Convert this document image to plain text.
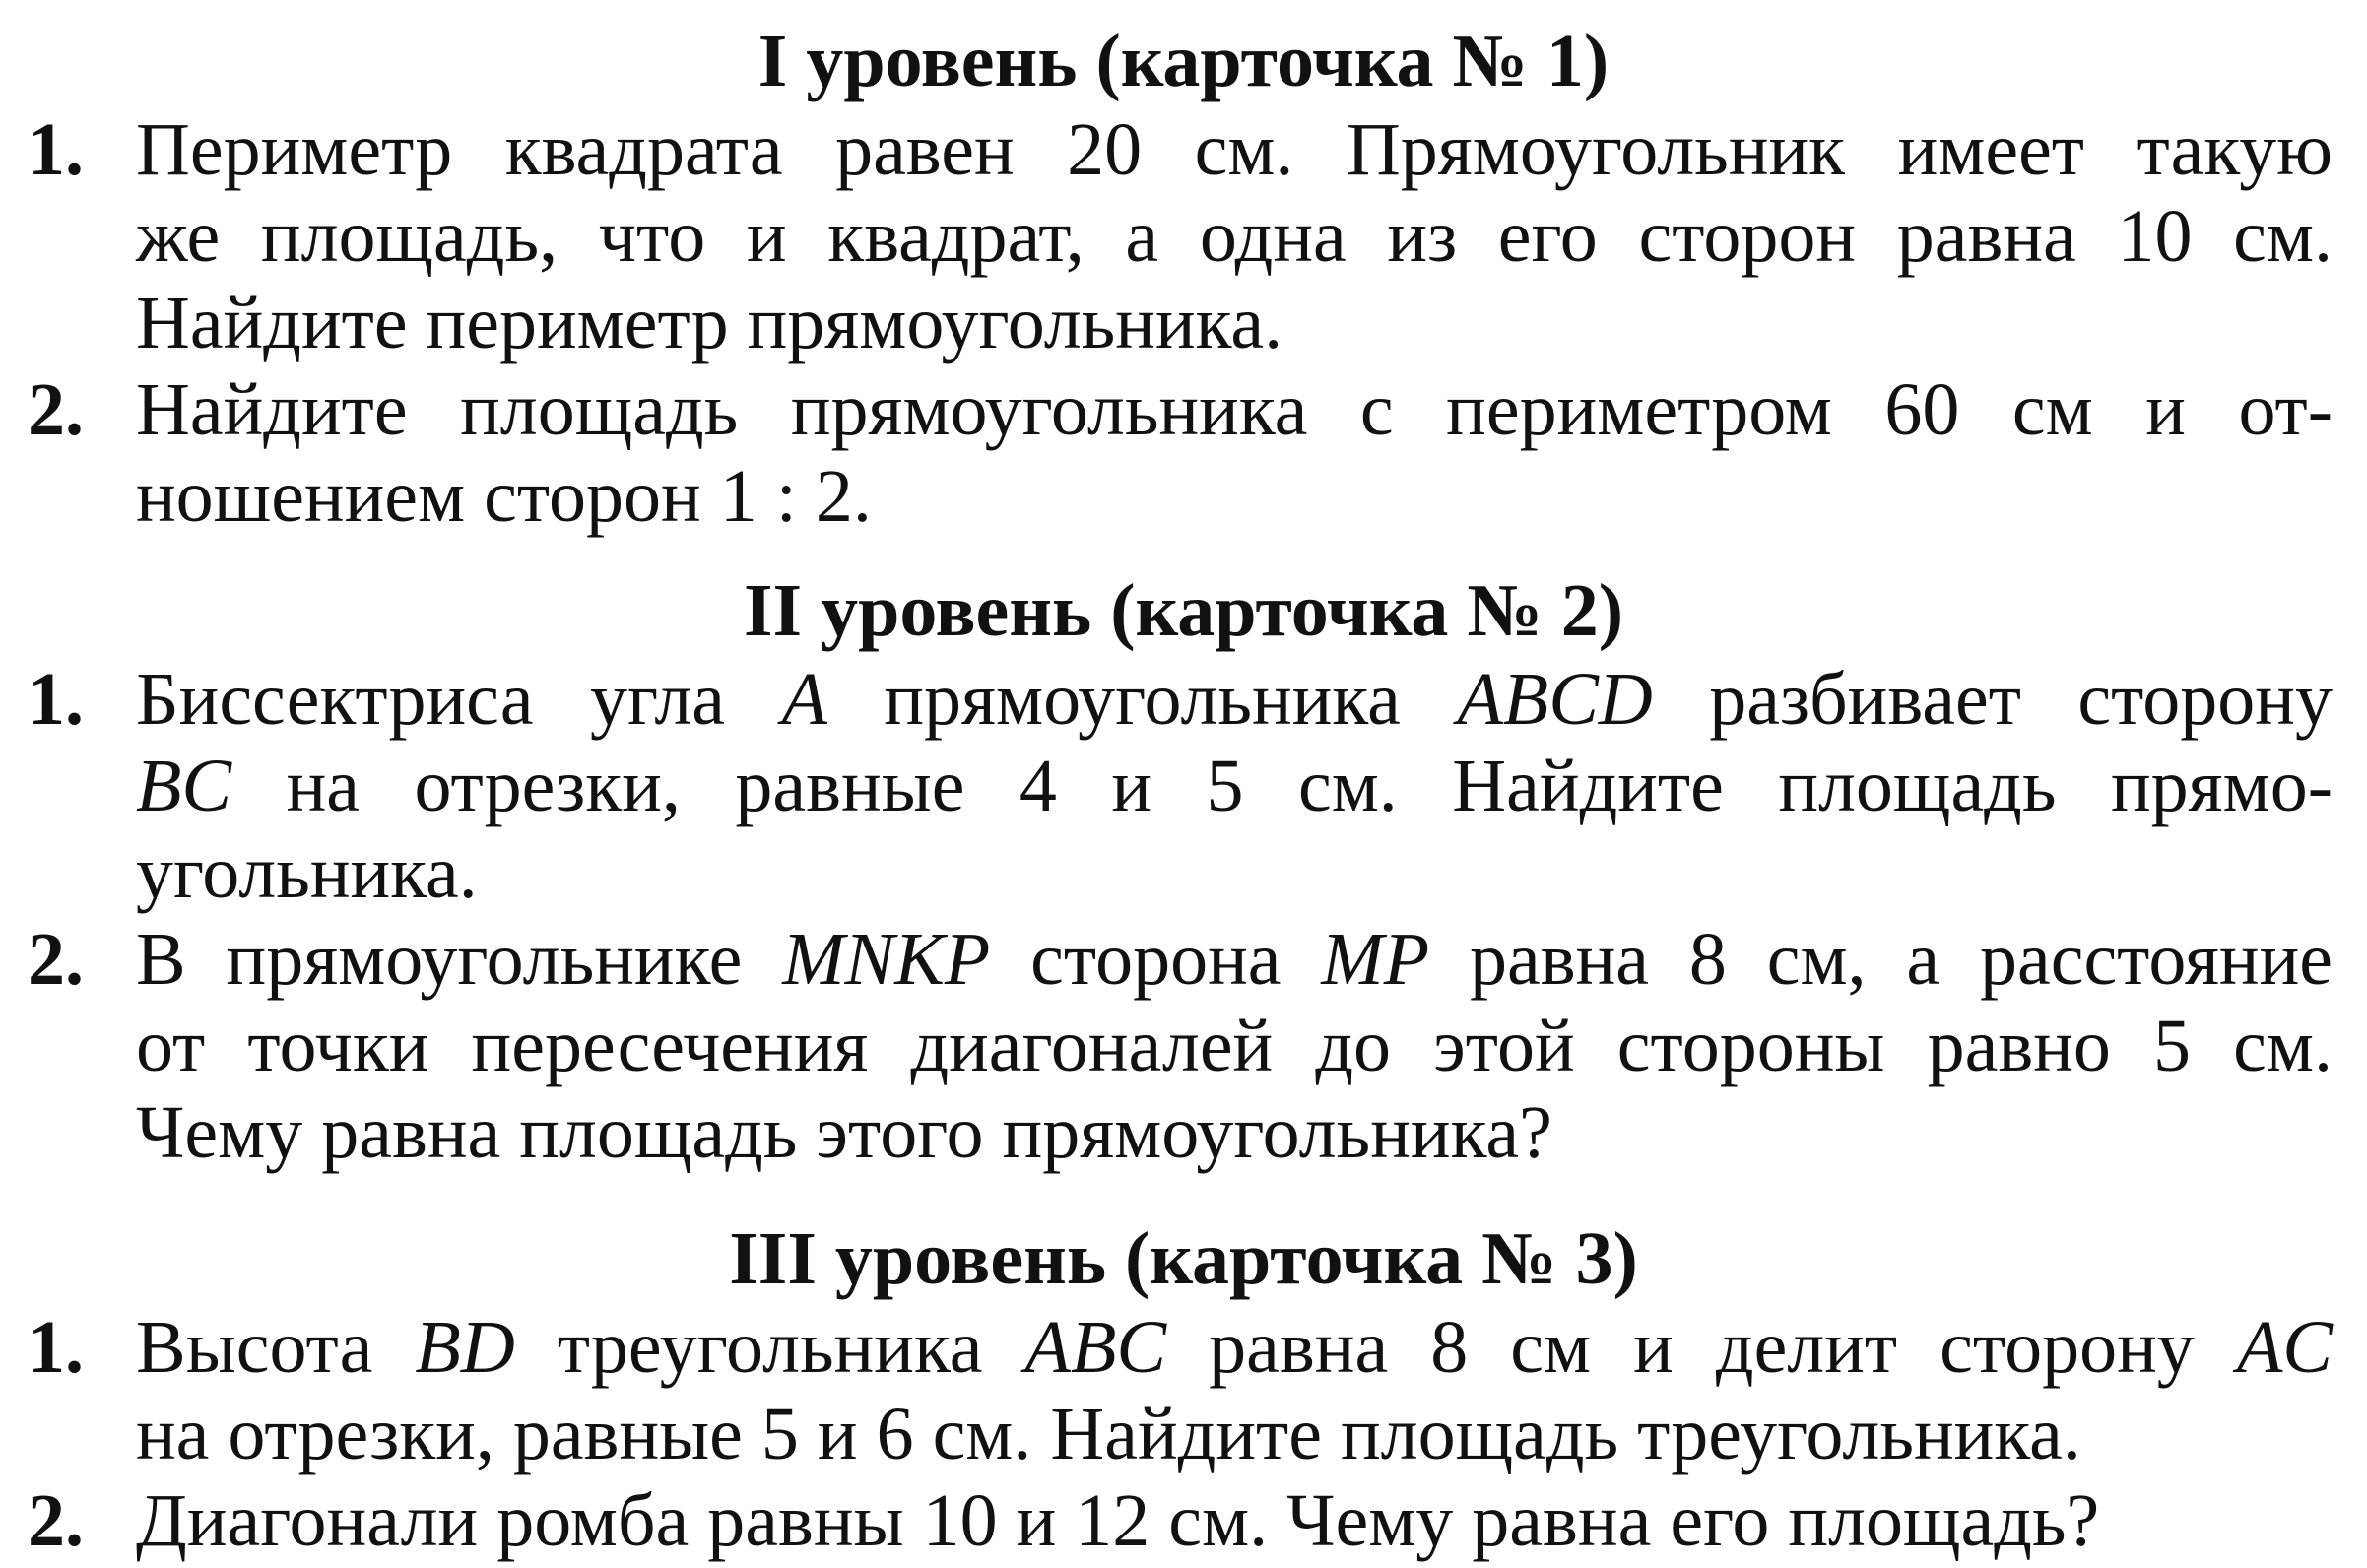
I уровень (карточка № 1)
1. Периметр квадрата равен 20 см. Прямоугольник имеет такую
же площадь, что и квадрат, а одна из его сторон равна 10 см.
Найдите периметр прямоугольника.
2. Найдите площадь прямоугольника с периметром 60 см и от-
ношением сторон 1 : 2.
II уровень (карточка № 2)
1. Биссектриса угла A прямоугольника ABCD разбивает сторону
BC на отрезки, равные 4 и 5 см. Найдите площадь прямо-
угольника.
2. В прямоугольнике MNKP сторона MP равна 8 см, а расстояние
от точки пересечения диагоналей до этой стороны равно 5 см.
Чему равна площадь этого прямоугольника?
III уровень (карточка № 3)
1. Высота BD треугольника ABC равна 8 см и делит сторону AC
на отрезки, равные 5 и 6 см. Найдите площадь треугольника.
2. Диагонали ромба равны 10 и 12 см. Чему равна его площадь?
